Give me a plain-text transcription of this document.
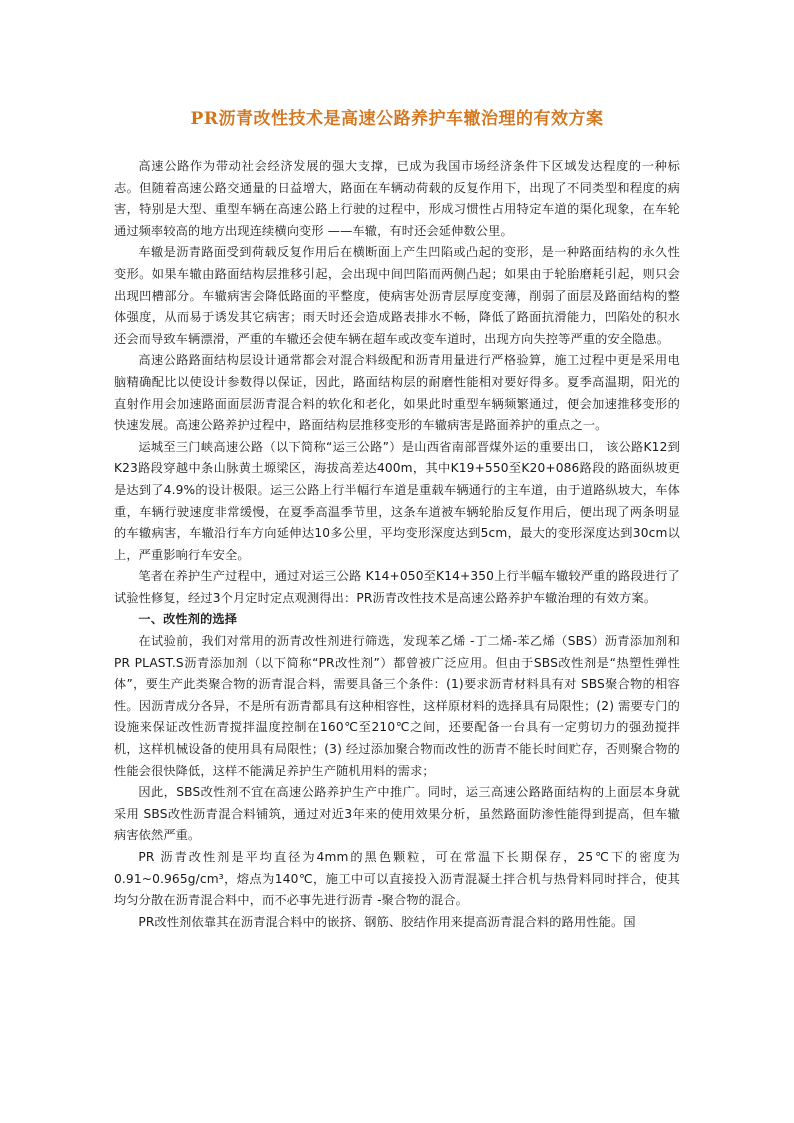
PR沥青改性技术是高速公路养护车辙治理的有效方案

高速公路作为带动社会经济发展的强大支撑，已成为我国市场经济条件下区域发达程度的一种标志。但随着高速公路交通量的日益增大，路面在车辆动荷载的反复作用下，出现了不同类型和程度的病害，特别是大型、重型车辆在高速公路上行驶的过程中，形成习惯性占用特定车道的渠化现象，在车轮通过频率较高的地方出现连续横向变形 ——车辙，有时还会延伸数公里。

车辙是沥青路面受到荷载反复作用后在横断面上产生凹陷或凸起的变形，是一种路面结构的永久性变形。如果车辙由路面结构层推移引起，会出现中间凹陷而两侧凸起；如果由于轮胎磨耗引起，则只会出现凹槽部分。车辙病害会降低路面的平整度，使病害处沥青层厚度变薄，削弱了面层及路面结构的整体强度，从而易于诱发其它病害；雨天时还会造成路表排水不畅，降低了路面抗滑能力，凹陷处的积水还会而导致车辆漂滑，严重的车辙还会使车辆在超车或改变车道时，出现方向失控等严重的安全隐患。

高速公路路面结构层设计通常都会对混合料级配和沥青用量进行严格验算，施工过程中更是采用电脑精确配比以使设计参数得以保证，因此，路面结构层的耐磨性能相对要好得多。夏季高温期，阳光的直射作用会加速路面面层沥青混合料的软化和老化，如果此时重型车辆频繁通过，便会加速推移变形的快速发展。高速公路养护过程中，路面结构层推移变形的车辙病害是路面养护的重点之一。

运城至三门峡高速公路（以下简称“运三公路”）是山西省南部晋煤外运的重要出口， 该公路K12到K23路段穿越中条山脉黄土塬梁区，海拔高差达400m，其中K19+550至K20+086路段的路面纵坡更是达到了4.9%的设计极限。运三公路上行半幅行车道是重载车辆通行的主车道，由于道路纵坡大，车体重，车辆行驶速度非常缓慢，在夏季高温季节里，这条车道被车辆轮胎反复作用后，便出现了两条明显的车辙病害，车辙沿行车方向延伸达10多公里，平均变形深度达到5cm，最大的变形深度达到30cm以上，严重影响行车安全。

笔者在养护生产过程中，通过对运三公路 K14+050至K14+350上行半幅车辙较严重的路段进行了试验性修复，经过3个月定时定点观测得出：PR沥青改性技术是高速公路养护车辙治理的有效方案。

一、改性剂的选择

在试验前，我们对常用的沥青改性剂进行筛选，发现苯乙烯 -丁二烯-苯乙烯（SBS）沥青添加剂和PR PLAST.S沥青添加剂（以下简称“PR改性剂”）都曾被广泛应用。但由于SBS改性剂是“热塑性弹性体”，要生产此类聚合物的沥青混合料，需要具备三个条件：(1)要求沥青材料具有对 SBS聚合物的相容性。因沥青成分各异，不是所有沥青都具有这种相容性，这样原材料的选择具有局限性；(2) 需要专门的设施来保证改性沥青搅拌温度控制在160℃至210℃之间，还要配备一台具有一定剪切力的强劲搅拌机，这样机械设备的使用具有局限性；(3) 经过添加聚合物而改性的沥青不能长时间贮存，否则聚合物的性能会很快降低，这样不能满足养护生产随机用料的需求；

因此，SBS改性剂不宜在高速公路养护生产中推广。同时，运三高速公路路面结构的上面层本身就采用 SBS改性沥青混合料铺筑，通过对近3年来的使用效果分析，虽然路面防渗性能得到提高，但车辙病害依然严重。

PR 沥青改性剂是平均直径为4mm的黑色颗粒，可在常温下长期保存，25℃下的密度为0.91~0.965g/cm³，熔点为140℃，施工中可以直接投入沥青混凝土拌合机与热骨料同时拌合，使其均匀分散在沥青混合料中，而不必事先进行沥青 -聚合物的混合。

PR改性剂依靠其在沥青混合料中的嵌挤、钢筋、胶结作用来提高沥青混合料的路用性能。国
